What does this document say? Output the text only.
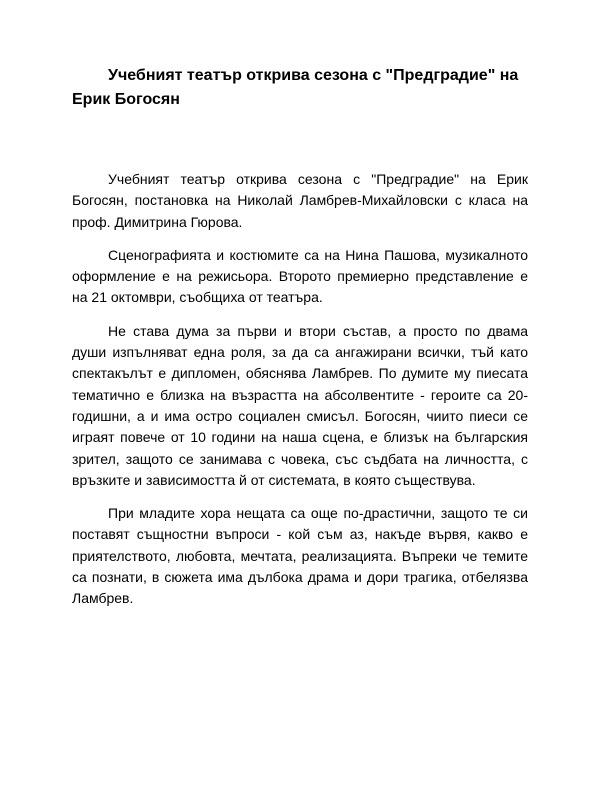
Учебният театър открива сезона с "Предградие" на Ерик Богосян

Учебният театър открива сезона с "Предградие" на Ерик Богосян, постановка на Николай Ламбрев-Михайловски с класа на проф. Димитрина Гюрова.

Сценографията и костюмите са на Нина Пашова, музикалното оформление е на режисьора. Второто премиерно представление е на 21 октомври, съобщиха от театъра.

Не става дума за първи и втори състав, а просто по двама души изпълняват една роля, за да са ангажирани всички, тъй като спектакълът е дипломен, обяснява Ламбрев. По думите му пиесата тематично е близка на възрастта на абсолвентите - героите са 20-годишни, а и има остро социален смисъл. Богосян, чиито пиеси се играят повече от 10 години на наша сцена, е близък на българския зрител, защото се занимава с човека, със съдбата на личността, с връзките и зависимостта й от системата, в която съществува.

При младите хора нещата са още по-драстични, защото те си поставят същностни въпроси - кой съм аз, накъде вървя, какво е приятелството, любовта, мечтата, реализацията. Въпреки че темите са познати, в сюжета има дълбока драма и дори трагика, отбелязва Ламбрев.
